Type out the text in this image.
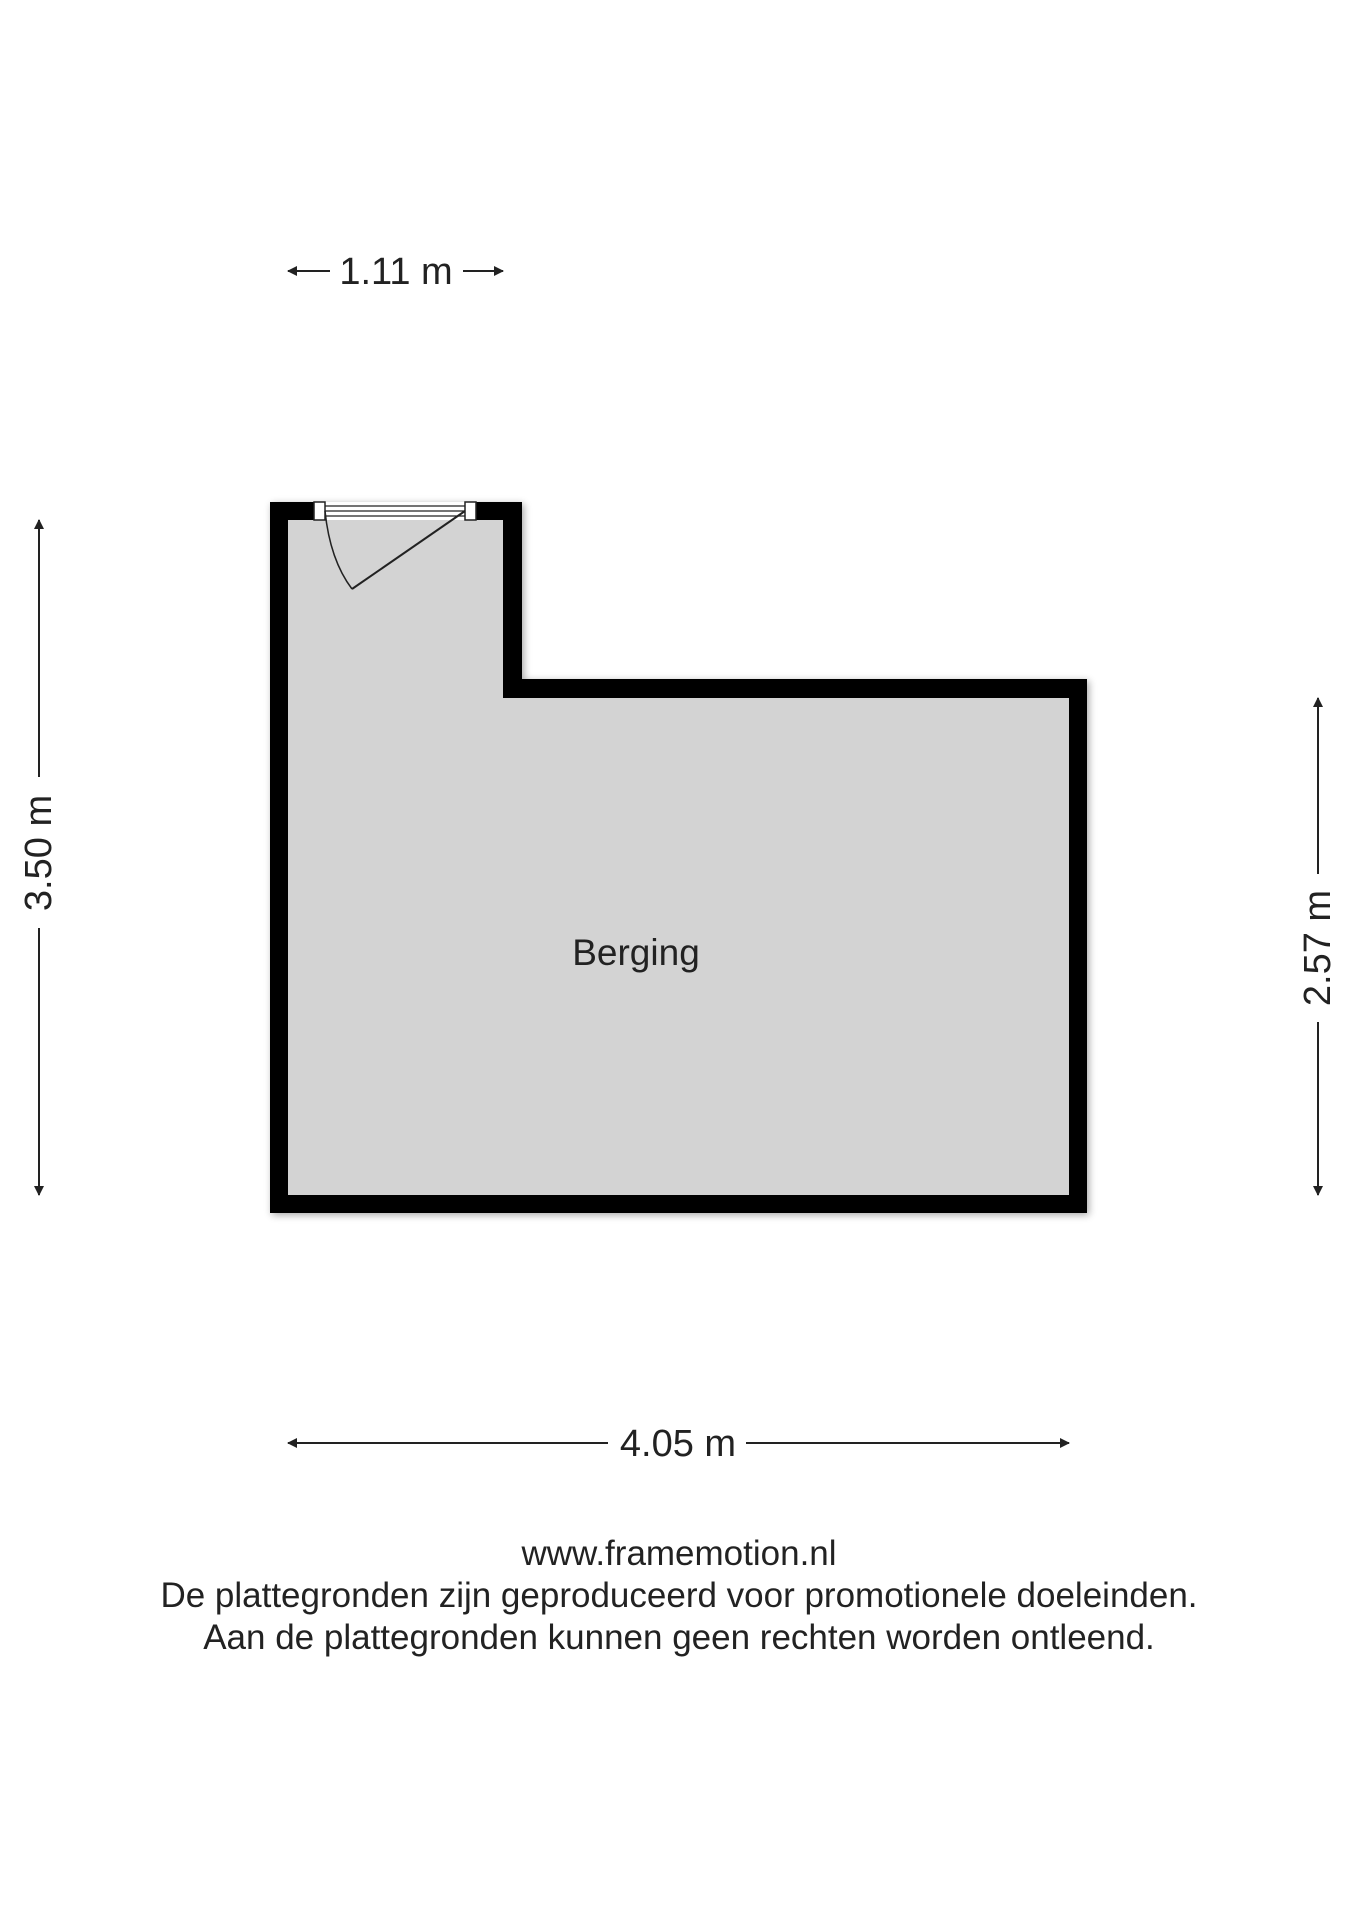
Berging
1.11 m
4.05 m
3.50 m
2.57 m
www.framemotion.nl
De plattegronden zijn geproduceerd voor promotionele doeleinden.
Aan de plattegronden kunnen geen rechten worden ontleend.
